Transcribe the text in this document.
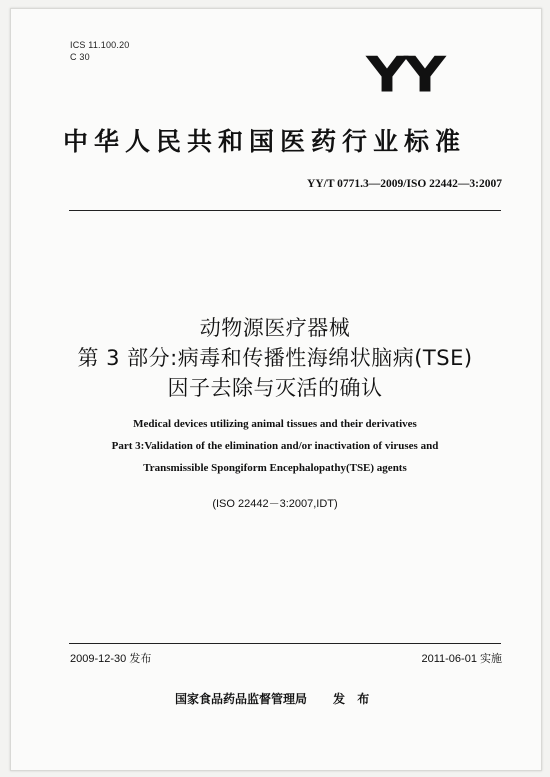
ICS 11.100.20
C 30	YY
中华人民共和国医药行业标准
YY/T 0771.3—2009/ISO 22442—3:2007
动物源医疗器械
第 3 部分:病毒和传播性海绵状脑病(TSE)
因子去除与灭活的确认
Medical devices utilizing animal tissues and their derivatives
Part 3:Validation of the elimination and/or inactivation of viruses and
Transmissible Spongiform Encephalopathy(TSE) agents
(ISO 22442－3:2007,IDT)
2009-12-30 发布	2011-06-01 实施
国家食品药品监督管理局 发 布
